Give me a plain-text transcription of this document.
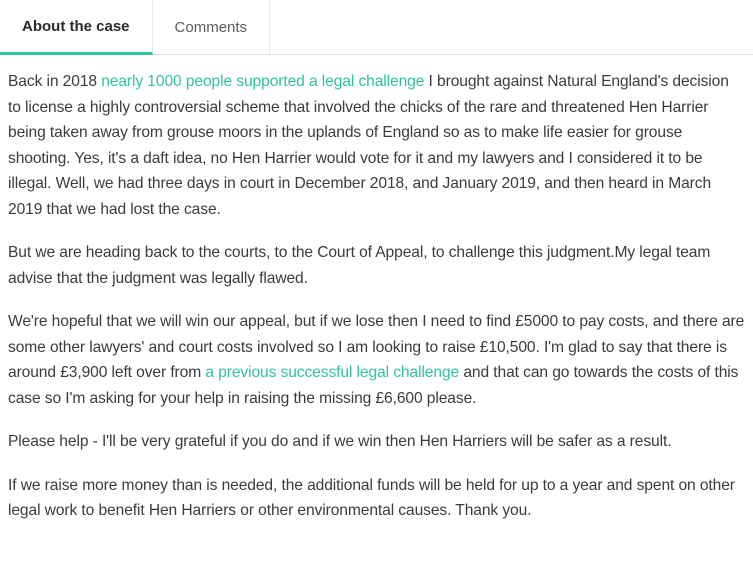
About the case	Comments

Back in 2018 nearly 1000 people supported a legal challenge I brought against Natural England's decision to license a highly controversial scheme that involved the chicks of the rare and threatened Hen Harrier being taken away from grouse moors in the uplands of England so as to make life easier for grouse shooting. Yes, it's a daft idea, no Hen Harrier would vote for it and my lawyers and I considered it to be illegal. Well, we had three days in court in December 2018, and January 2019, and then heard in March 2019 that we had lost the case.

But we are heading back to the courts, to the Court of Appeal, to challenge this judgment.My legal team advise that the judgment was legally flawed.

We're hopeful that we will win our appeal, but if we lose then I need to find £5000 to pay costs, and there are some other lawyers' and court costs involved so I am looking to raise £10,500. I'm glad to say that there is around £3,900 left over from a previous successful legal challenge and that can go towards the costs of this case so I'm asking for your help in raising the missing £6,600 please.

Please help - I'll be very grateful if you do and if we win then Hen Harriers will be safer as a result.

If we raise more money than is needed, the additional funds will be held for up to a year and spent on other legal work to benefit Hen Harriers or other environmental causes. Thank you.
